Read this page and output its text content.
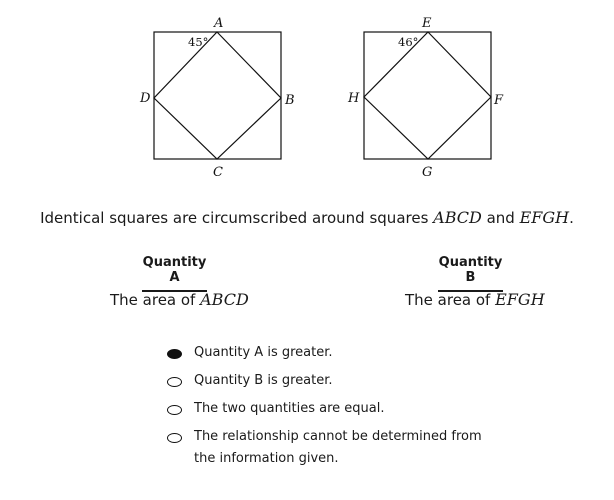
A
B
C
D
45°
E
F
G
H
46°
Identical squares are circumscribed around squares ABCD and EFGH.
Quantity A
Quantity B
The area of ABCD	The area of EFGH
Quantity A is greater.
Quantity B is greater.
The two quantities are equal.
The relationship cannot be determined from the information given.
